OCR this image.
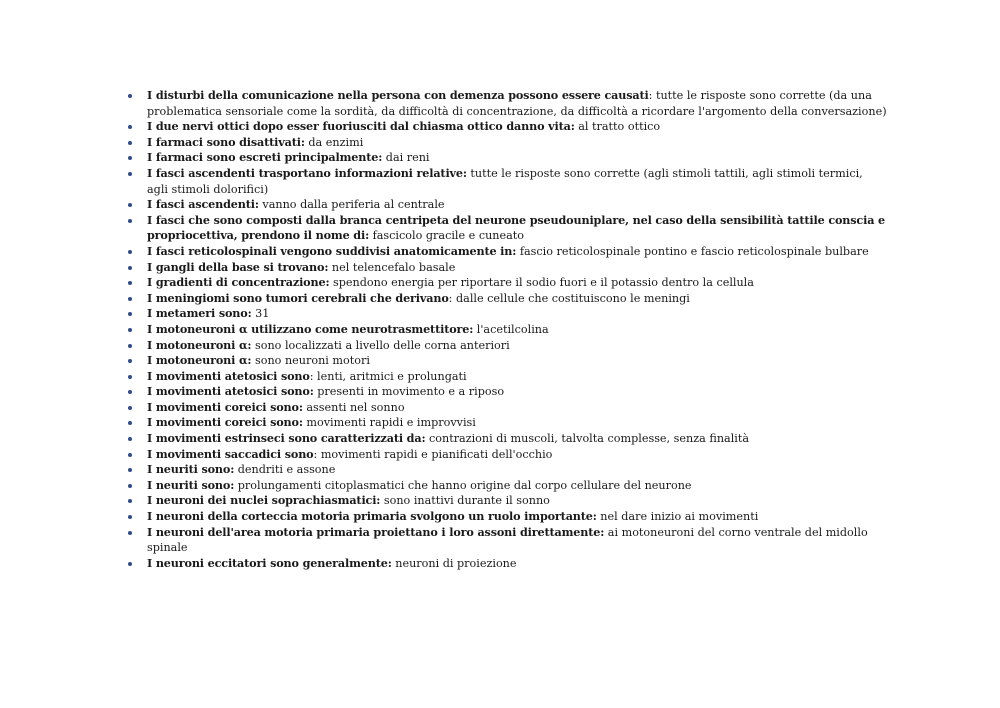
I disturbi della comunicazione nella persona con demenza possono essere causati: tutte le risposte sono corrette (da una problematica sensoriale come la sordità, da difficoltà di concentrazione, da difficoltà a ricordare l'argomento della conversazione)
I due nervi ottici dopo esser fuoriusciti dal chiasma ottico danno vita: al tratto ottico
I farmaci sono disattivati: da enzimi
I farmaci sono escreti principalmente: dai reni
I fasci ascendenti trasportano informazioni relative: tutte le risposte sono corrette (agli stimoli tattili, agli stimoli termici, agli stimoli dolorifici)
I fasci ascendenti: vanno dalla periferia al centrale
I fasci che sono composti dalla branca centripeta del neurone pseudouniplare, nel caso della sensibilità tattile conscia e propriocettiva, prendono il nome di: fascicolo gracile e cuneato
I fasci reticolospinali vengono suddivisi anatomicamente in: fascio reticolospinale pontino e fascio reticolospinale bulbare
I gangli della base si trovano: nel telencefalo basale
I gradienti di concentrazione: spendono energia per riportare il sodio fuori e il potassio dentro la cellula
I meningiomi sono tumori cerebrali che derivano: dalle cellule che costituiscono le meningi
I metameri sono: 31
I motoneuroni α utilizzano come neurotrasmettitore: l'acetilcolina
I motoneuroni α: sono localizzati a livello delle corna anteriori
I motoneuroni α: sono neuroni motori
I movimenti atetosici sono: lenti, aritmici e prolungati
I movimenti atetosici sono: presenti in movimento e a riposo
I movimenti coreici sono: assenti nel sonno
I movimenti coreici sono: movimenti rapidi e improvvisi
I movimenti estrinseci sono caratterizzati da: contrazioni di muscoli, talvolta complesse, senza finalità
I movimenti saccadici sono: movimenti rapidi e pianificati dell'occhio
I neuriti sono: dendriti e assone
I neuriti sono: prolungamenti citoplasmatici che hanno origine dal corpo cellulare del neurone
I neuroni dei nuclei soprachiasmatici: sono inattivi durante il sonno
I neuroni della corteccia motoria primaria svolgono un ruolo importante: nel dare inizio ai movimenti
I neuroni dell'area motoria primaria proiettano i loro assoni direttamente: ai motoneuroni del corno ventrale del midollo spinale
I neuroni eccitatori sono generalmente: neuroni di proiezione
